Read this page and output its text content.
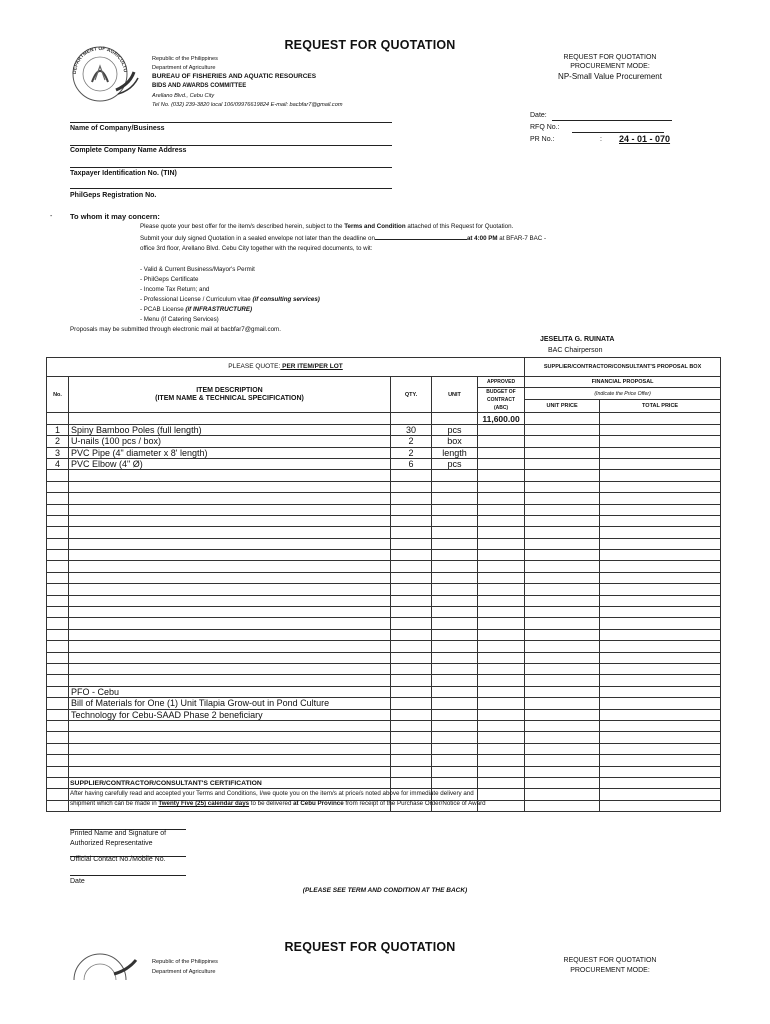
REQUEST FOR QUOTATION
DEPARTMENT OF AGRICULTU
Republic of the Philippines
Department of Agriculture
BUREAU OF FISHERIES AND AQUATIC RESOURCES
BIDS AND AWARDS COMMITTEE
Arellano Blvd., Cebu City
Tel No. (032) 239-3820 local 106/09976619824 E-mail: bacbfar7@gmail.com
REQUEST FOR QUOTATION
PROCUREMENT MODE:
NP-Small Value Procurement
Date:
RFQ No.:
PR No.:	: 24 - 01 - 070
Name of Company/Business
Complete Company Name Address
Taxpayer Identification No. (TIN)
PhilGeps Registration No.
- To whom it may concern:
Please quote your best offer for the item/s described herein, subject to the Terms and Condition attached of this Request for Quotation.
Submit your duly signed Quotation in a sealed envelope not later than the deadline on	at 4:00 PM at BFAR-7 BAC -
office 3rd floor, Arellano Blvd. Cebu City together with the required documents, to wit:
- Valid & Current Business/Mayor's Permit
- PhilGeps Certificate
- Income Tax Return; and
- Professional License / Curriculum vitae (if consulting services)
- PCAB License (if INFRASTRUCTURE)
- Menu (if Catering Services)
Proposals may be submitted through electronic mail at bacbfar7@gmail.com.
JESELITA G. RUINATA
BAC Chairperson
PLEASE QUOTE: PER ITEM/PER LOT					SUPPLIER/CONTRACTOR/CONSULTANT'S PROPOSAL BOX	
No.	ITEM DESCRIPTION
(ITEM NAME & TECHNICAL SPECIFICATION)	QTY.	UNIT	APPROVED	FINANCIAL PROPOSAL	
				BUDGET OF CONTRACT (ABC)	(Indicate the Price Offer)	
					UNIT PRICE	TOTAL PRICE

				11,600.00		
1	Spiny Bamboo Poles (full length)	30	pcs			
2	U-nails (100 pcs / box)	2	box			
3	PVC Pipe (4" diameter x 8' length)	2	length			
4	PVC Elbow (4" Ø)	6	pcs			

	PFO - Cebu					
	Bill of Materials for One (1) Unit Tilapia Grow-out in Pond Culture					
	Technology for Cebu-SAAD Phase 2 beneficiary					

SUPPLIER/CONTRACTOR/CONSULTANT'S CERTIFICATION
After having carefully read and accepted your Terms and Conditions, I/we quote you on the item/s at price/s noted above for immediate delivery and
shipment which can be made in Twenty Five (25) calendar days to be delivered at Cebu Province from receipt of the Purchase Order/Notice of Award
Printed Name and Signature of
Authorized Representative
Official Contact No./Mobile No.
Date
(PLEASE SEE TERM AND CONDITION AT THE BACK)
REQUEST FOR QUOTATION
Republic of the Philippines
Department of Agriculture
REQUEST FOR QUOTATION
PROCUREMENT MODE:
